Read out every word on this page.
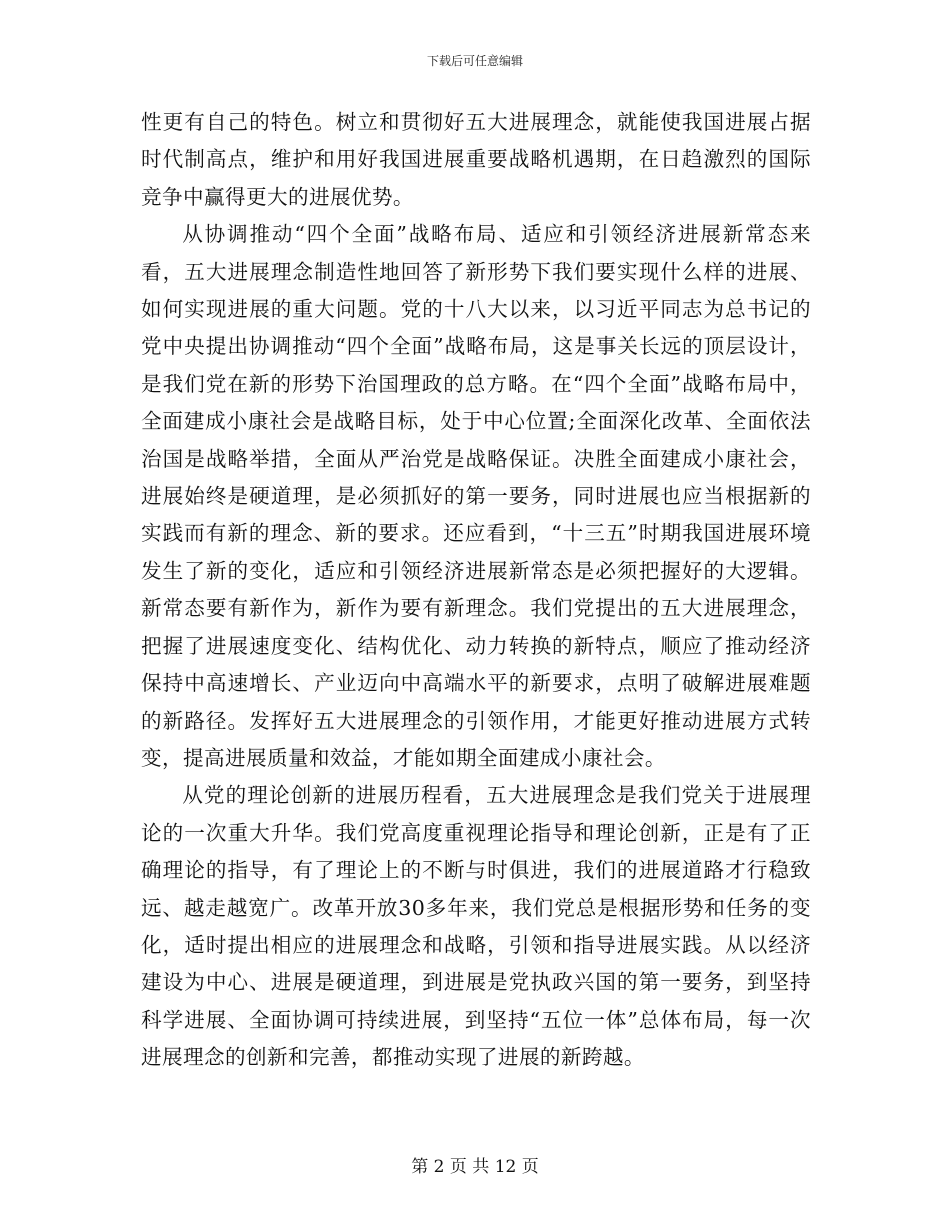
下载后可任意编辑

性更有自己的特色。树立和贯彻好五大进展理念，就能使我国进展占据时代制高点，维护和用好我国进展重要战略机遇期，在日趋激烈的国际竞争中赢得更大的进展优势。

从协调推动“四个全面”战略布局、适应和引领经济进展新常态来看，五大进展理念制造性地回答了新形势下我们要实现什么样的进展、如何实现进展的重大问题。党的十八大以来，以习近平同志为总书记的党中央提出协调推动“四个全面”战略布局，这是事关长远的顶层设计，是我们党在新的形势下治国理政的总方略。在“四个全面”战略布局中，全面建成小康社会是战略目标，处于中心位置;全面深化改革、全面依法治国是战略举措，全面从严治党是战略保证。决胜全面建成小康社会，进展始终是硬道理，是必须抓好的第一要务，同时进展也应当根据新的实践而有新的理念、新的要求。还应看到，“十三五”时期我国进展环境发生了新的变化，适应和引领经济进展新常态是必须把握好的大逻辑。新常态要有新作为，新作为要有新理念。我们党提出的五大进展理念，把握了进展速度变化、结构优化、动力转换的新特点，顺应了推动经济保持中高速增长、产业迈向中高端水平的新要求，点明了破解进展难题的新路径。发挥好五大进展理念的引领作用，才能更好推动进展方式转变，提高进展质量和效益，才能如期全面建成小康社会。

从党的理论创新的进展历程看，五大进展理念是我们党关于进展理论的一次重大升华。我们党高度重视理论指导和理论创新，正是有了正确理论的指导，有了理论上的不断与时俱进，我们的进展道路才行稳致远、越走越宽广。改革开放30多年来，我们党总是根据形势和任务的变化，适时提出相应的进展理念和战略，引领和指导进展实践。从以经济建设为中心、进展是硬道理，到进展是党执政兴国的第一要务，到坚持科学进展、全面协调可持续进展，到坚持“五位一体”总体布局，每一次进展理念的创新和完善，都推动实现了进展的新跨越。

第 2 页 共 12 页
